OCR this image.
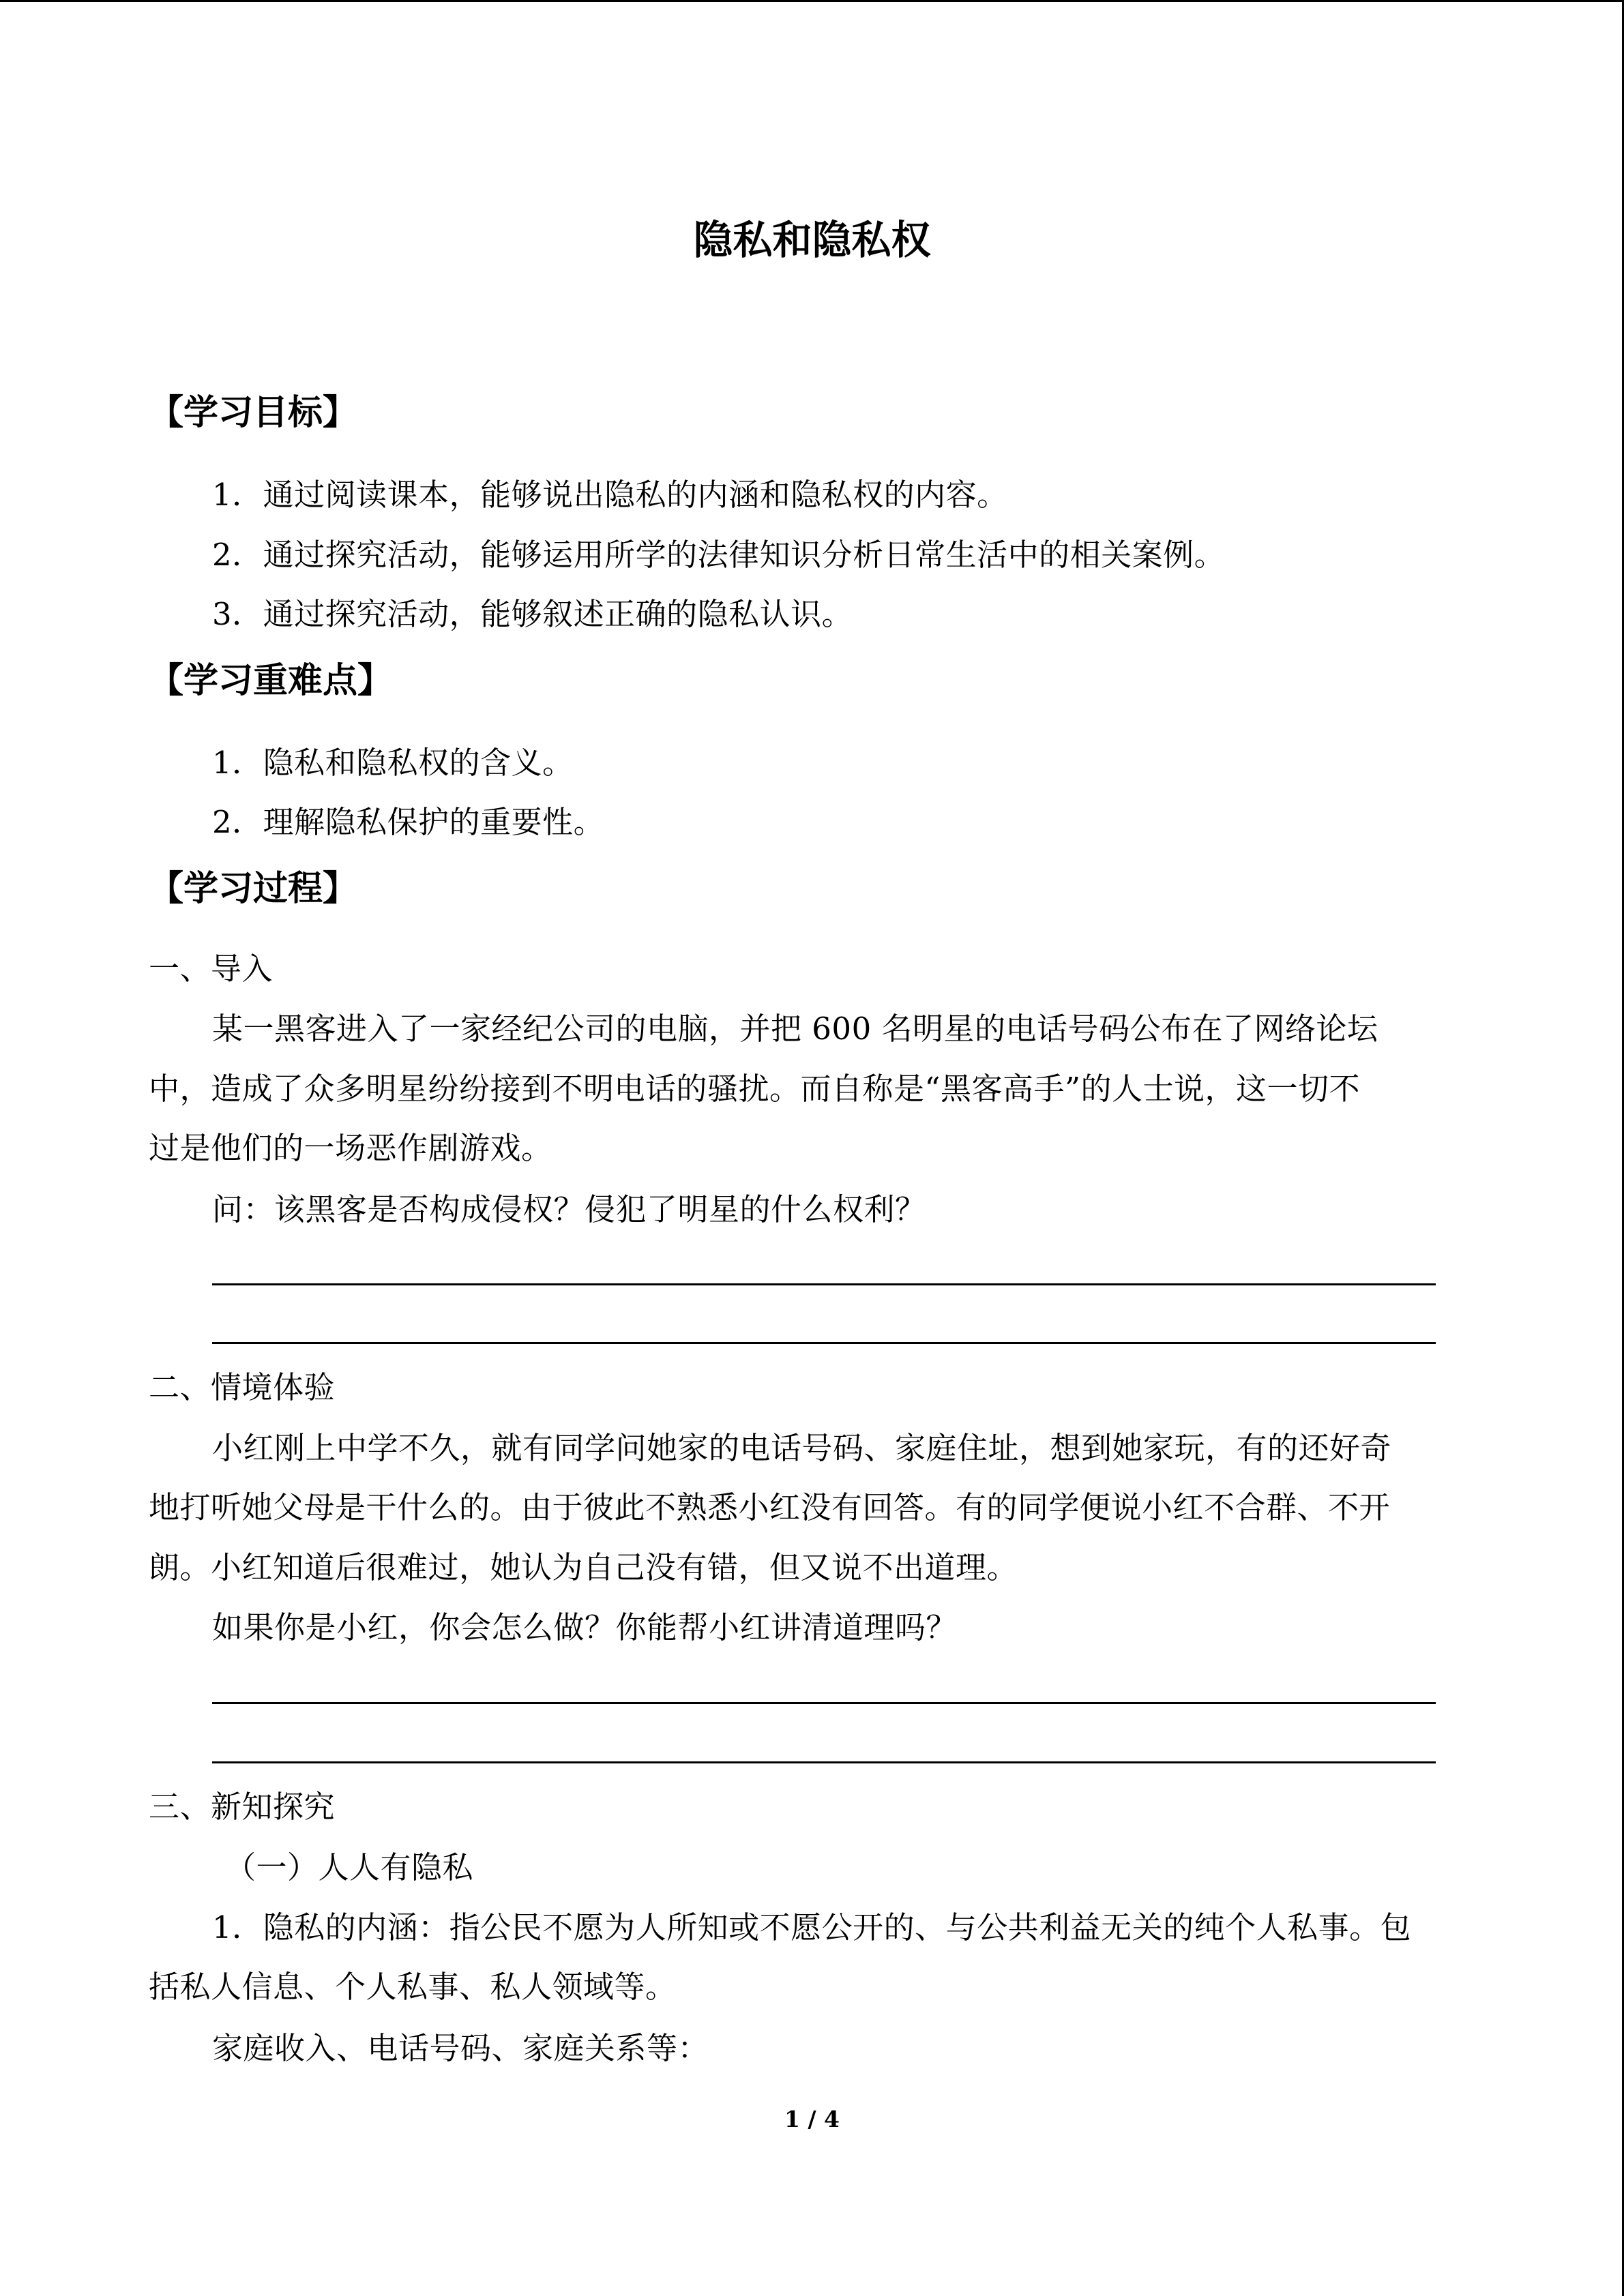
隐私和隐私权
【学习目标】
1．通过阅读课本，能够说出隐私的内涵和隐私权的内容。
2．通过探究活动，能够运用所学的法律知识分析日常生活中的相关案例。
3．通过探究活动，能够叙述正确的隐私认识。
【学习重难点】
1．隐私和隐私权的含义。
2．理解隐私保护的重要性。
【学习过程】
一、导入
某一黑客进入了一家经纪公司的电脑，并把 600 名明星的电话号码公布在了网络论坛
中，造成了众多明星纷纷接到不明电话的骚扰。而自称是“黑客高手”的人士说，这一切不
过是他们的一场恶作剧游戏。
问：该黑客是否构成侵权？侵犯了明星的什么权利？
二、情境体验
小红刚上中学不久，就有同学问她家的电话号码、家庭住址，想到她家玩，有的还好奇
地打听她父母是干什么的。由于彼此不熟悉小红没有回答。有的同学便说小红不合群、不开
朗。小红知道后很难过，她认为自己没有错，但又说不出道理。
如果你是小红，你会怎么做？你能帮小红讲清道理吗？
三、新知探究
（一）人人有隐私
1．隐私的内涵：指公民不愿为人所知或不愿公开的、与公共利益无关的纯个人私事。包
括私人信息、个人私事、私人领域等。
家庭收入、电话号码、家庭关系等：
1 / 4
